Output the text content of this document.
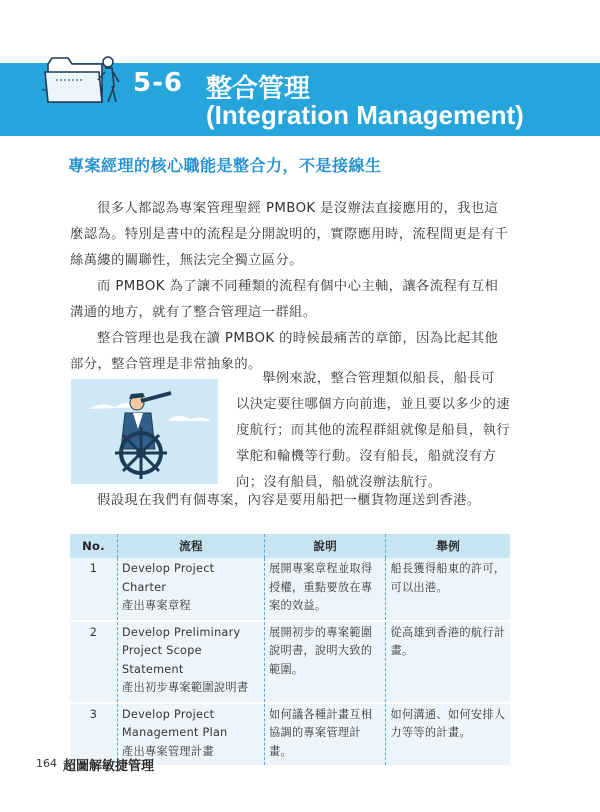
5-6 整合管理
(Integration Management)
專案經理的核心職能是整合力，不是接線生
很多人都認為專案管理聖經 PMBOK 是沒辦法直接應用的，我也這麼認為。特別是書中的流程是分開說明的，實際應用時，流程間更是有千絲萬縷的關聯性，無法完全獨立區分。
而 PMBOK 為了讓不同種類的流程有個中心主軸，讓各流程有互相溝通的地方，就有了整合管理這一群組。
整合管理也是我在讀 PMBOK 的時候最痛苦的章節，因為比起其他部分，整合管理是非常抽象的。
舉例來說，整合管理類似船長，船長可
以決定要往哪個方向前進，並且要以多少的速度航行；而其他的流程群組就像是船員，執行掌舵和輪機等行動。沒有船長，船就沒有方向；沒有船員，船就沒辦法航行。
假設現在我們有個專案，內容是要用船把一櫃貨物運送到香港。
No.	流程	說明	舉例
1	Develop Project Charter
產出專案章程	展開專案章程並取得授權，重點要放在專案的效益。	船長獲得船東的許可，可以出港。
2	Develop Preliminary Project Scope Statement
產出初步專案範圍說明書	展開初步的專案範圍說明書，說明大致的範圍。	從高雄到香港的航行計畫。
3	Develop Project Management Plan
產出專案管理計畫	如何議各種計畫互相協調的專案管理計畫。	如何溝通、如何安排人力等等的計畫。
164 超圖解敏捷管理
